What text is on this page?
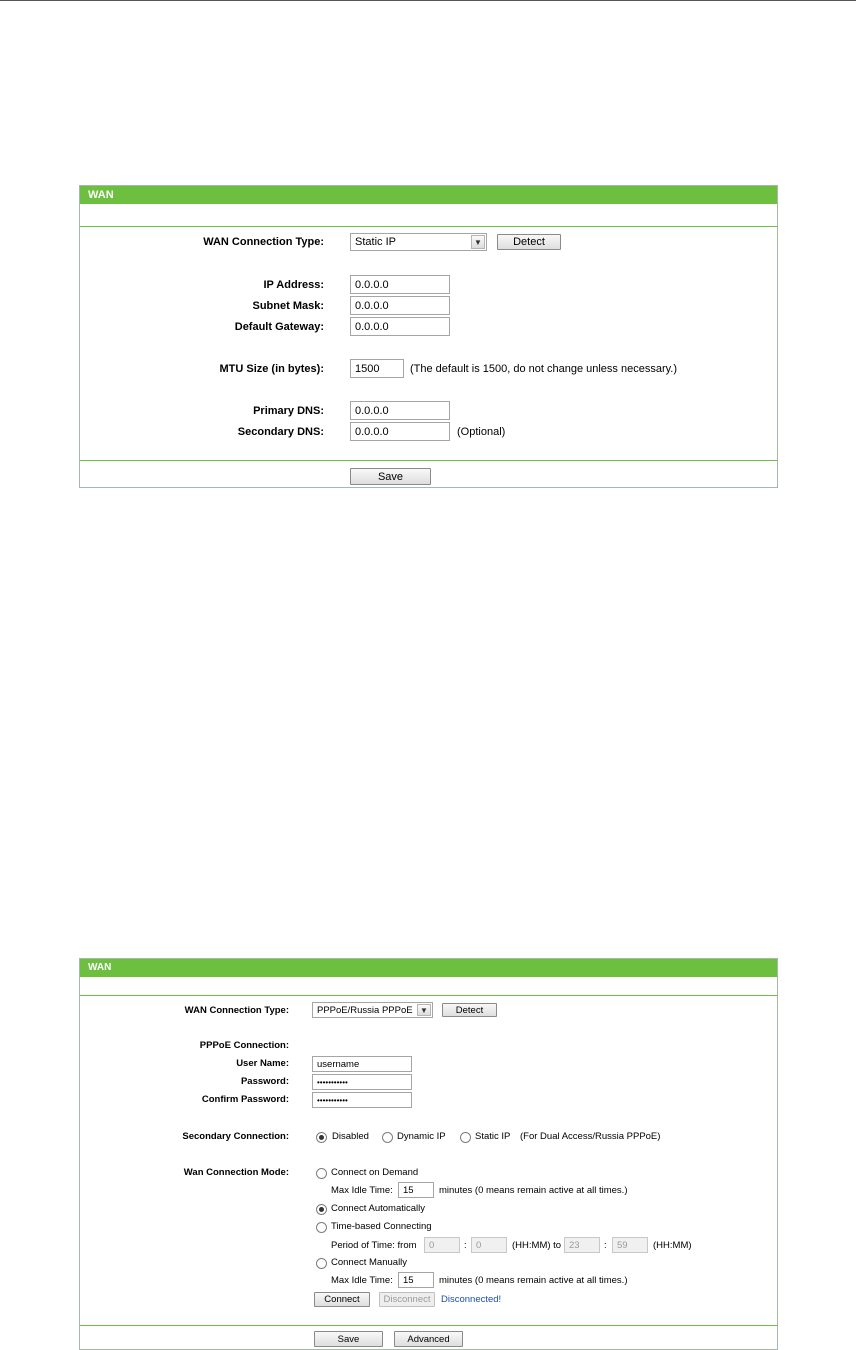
WAN
WAN Connection Type:	Static IP	▼	Detect
IP Address:	0.0.0.0
Subnet Mask:	0.0.0.0
Default Gateway:	0.0.0.0
MTU Size (in bytes):	1500	(The default is 1500, do not change unless necessary.)
Primary DNS:	0.0.0.0
Secondary DNS:	0.0.0.0	(Optional)
Save
WAN
WAN Connection Type:	PPPoE/Russia PPPoE ▼	Detect
PPPoE Connection:
User Name:	username
Password:	•••••••••••
Confirm Password:	•••••••••••
Secondary Connection:	Disabled	Dynamic IP	Static IP (For Dual Access/Russia PPPoE)
Wan Connection Mode:	Connect on Demand
Max Idle Time:	15	minutes (0 means remain active at all times.)
Connect Automatically
Time-based Connecting
Period of Time: from	0	: 0	(HH:MM) to 23	:	59	(HH:MM)
Connect Manually
Max Idle Time:	15	minutes (0 means remain active at all times.)
Connect	Disconnect	Disconnected!
Save	Advanced
